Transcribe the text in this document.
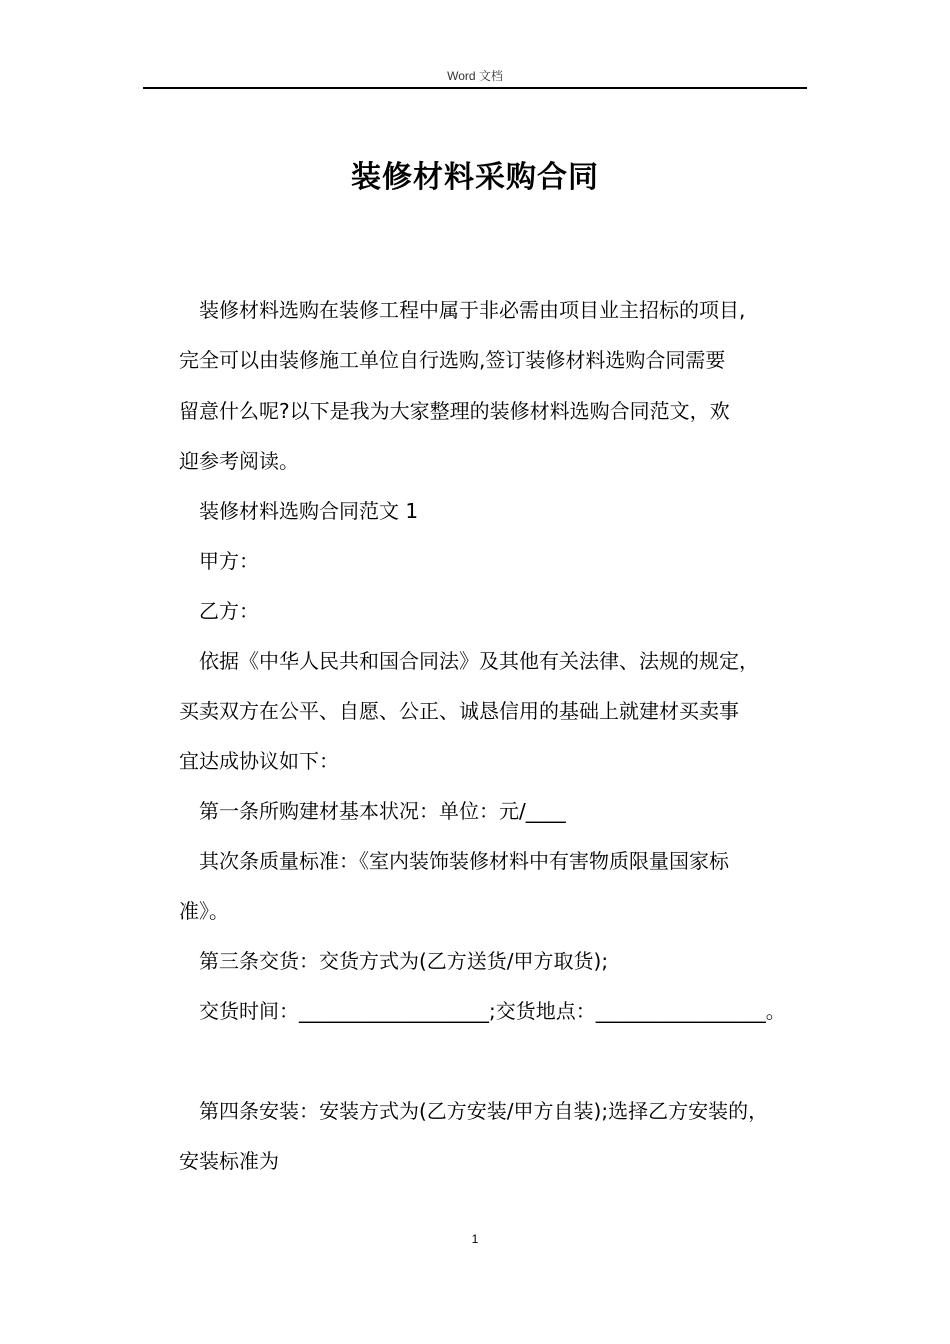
Word 文档
装修材料采购合同
装修材料选购在装修工程中属于非必需由项目业主招标的项目,
完全可以由装修施工单位自行选购,签订装修材料选购合同需要
留意什么呢?以下是我为大家整理的装修材料选购合同范文，欢
迎参考阅读。
装修材料选购合同范文 1
甲方：
乙方：
依据《中华人民共和国合同法》及其他有关法律、法规的规定，
买卖双方在公平、自愿、公正、诚恳信用的基础上就建材买卖事
宜达成协议如下：
第一条所购建材基本状况：单位：元/____
其次条质量标准：《室内装饰装修材料中有害物质限量国家标
准》。
第三条交货：交货方式为(乙方送货/甲方取货);
交货时间：___________________;交货地点：_________________。
第四条安装：安装方式为(乙方安装/甲方自装);选择乙方安装的，
安装标准为
1
